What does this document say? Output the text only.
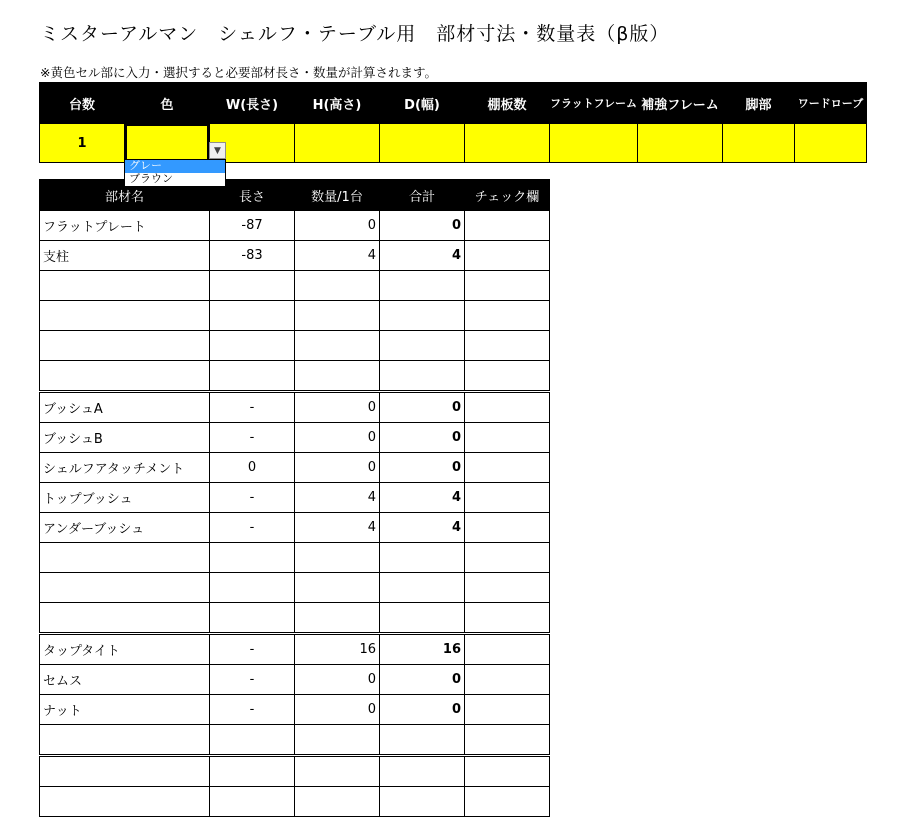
ミスターアルマン　シェルフ・テーブル用　部材寸法・数量表（β版）
※黄色セル部に入力・選択すると必要部材長さ・数量が計算されます。
台数	色	W(長さ)	H(高さ)	D(幅)	棚板数	フラットフレーム	補強フレーム	脚部	ワードローブ
1	

部材名	長さ	数量/1台	合計	チェック欄
フラットプレート	-87	0	0	
支柱	-83	4	4	

ブッシュA	-	0	0	
ブッシュB	-	0	0	
シェルフアタッチメント	0	0	0	
トップブッシュ	-	4	4	
アンダーブッシュ	-	4	4	

タップタイト	-	16	16	
セムス	-	0	0	
ナット	-	0	0	

▼
グレー
ブラウン
